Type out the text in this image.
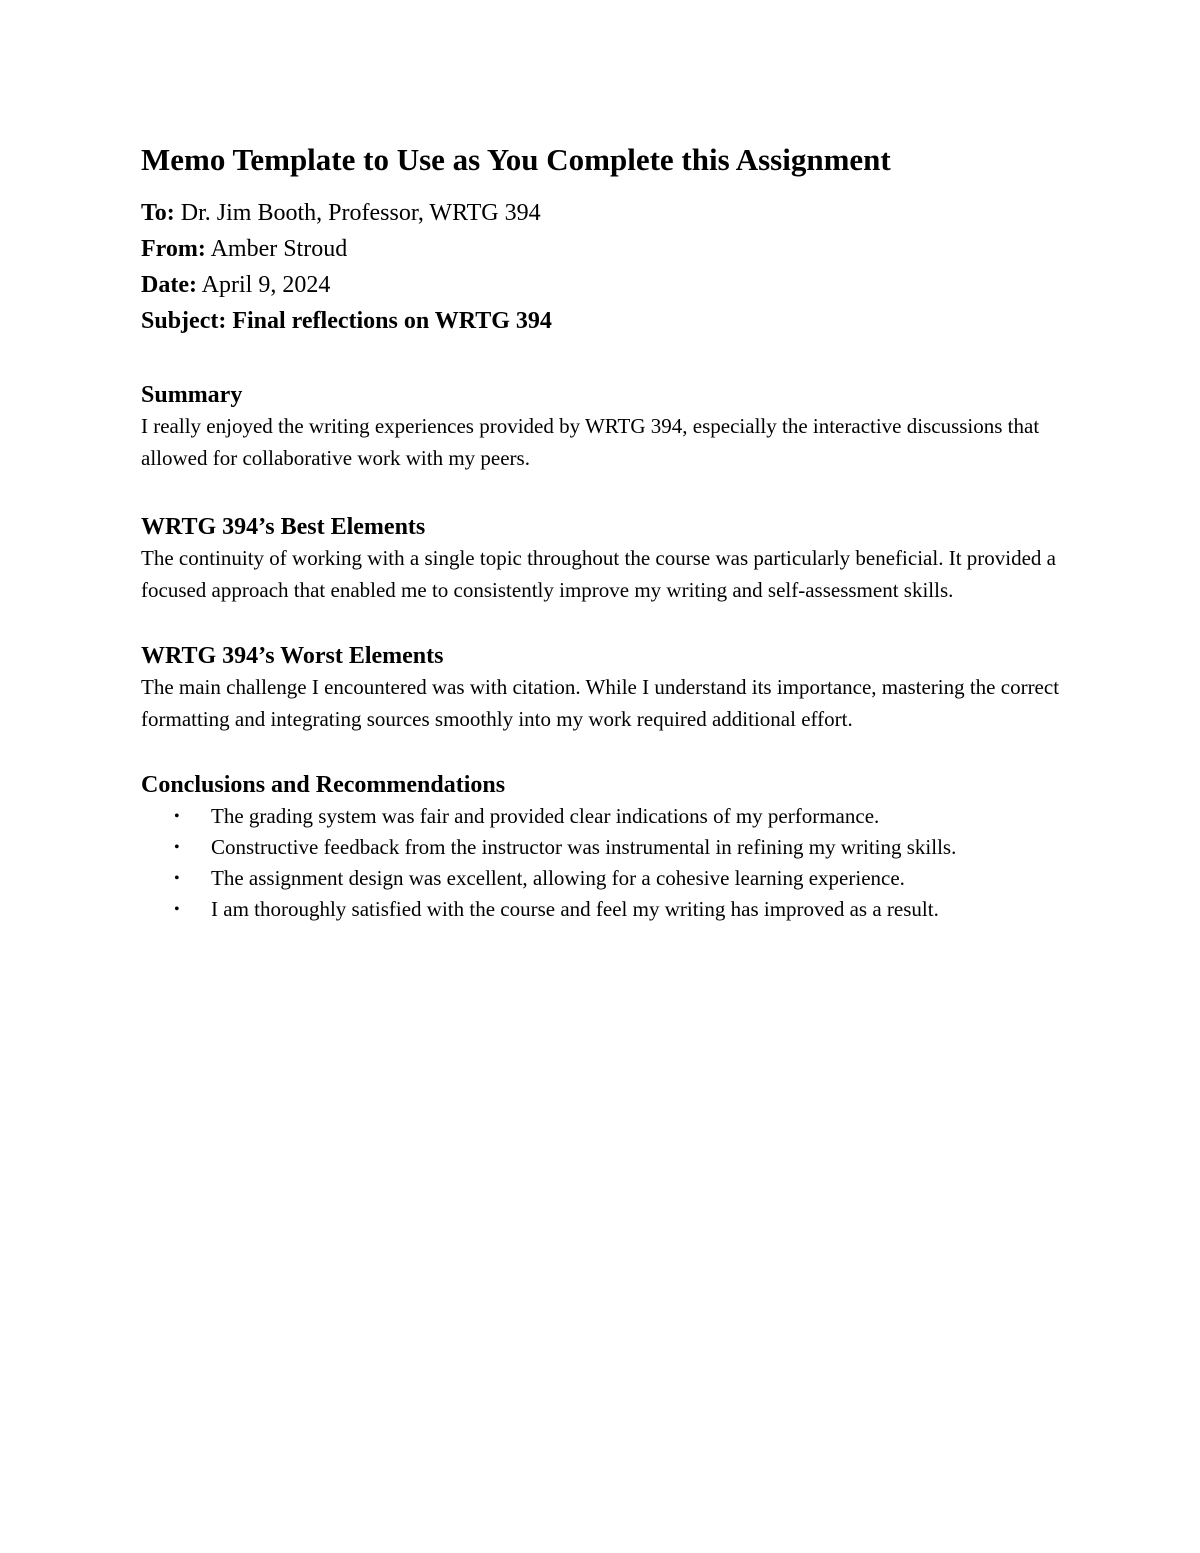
Memo Template to Use as You Complete this Assignment
To: Dr. Jim Booth, Professor, WRTG 394
From: Amber Stroud
Date: April 9, 2024
Subject: Final reflections on WRTG 394
Summary

I really enjoyed the writing experiences provided by WRTG 394, especially the interactive discussions that allowed for collaborative work with my peers.

WRTG 394’s Best Elements

The continuity of working with a single topic throughout the course was particularly beneficial. It provided a focused approach that enabled me to consistently improve my writing and self-assessment skills.

WRTG 394’s Worst Elements

The main challenge I encountered was with citation. While I understand its importance, mastering the correct formatting and integrating sources smoothly into my work required additional effort.

Conclusions and Recommendations
• The grading system was fair and provided clear indications of my performance.
• Constructive feedback from the instructor was instrumental in refining my writing skills.
• The assignment design was excellent, allowing for a cohesive learning experience.
• I am thoroughly satisfied with the course and feel my writing has improved as a result.
